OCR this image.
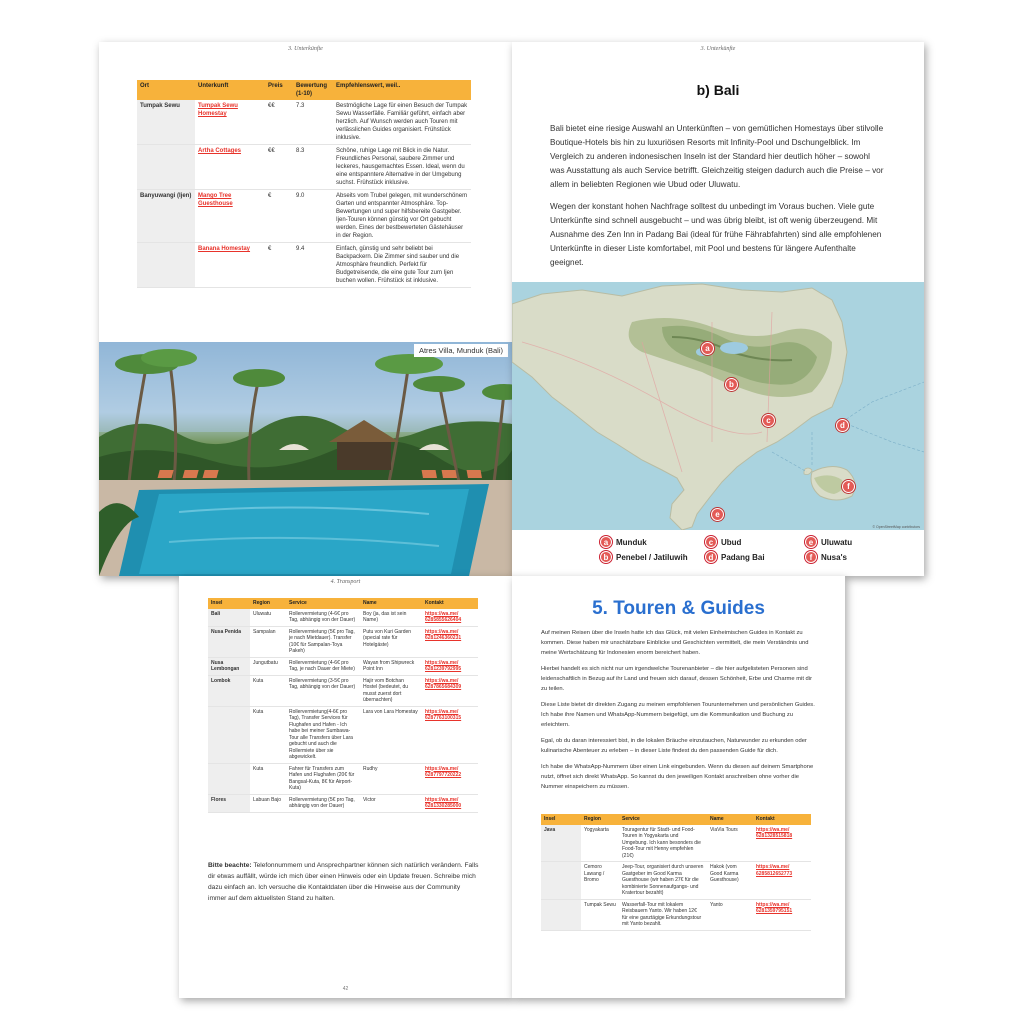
3. Unterkünfte
Ort	Unterkunft	Preis	Bewertung (1-10)	Empfehlenswert, weil..
Tumpak Sewu	Tumpak Sewu Homestay	€€	7.3	Bestmögliche Lage für einen Besuch der Tumpak Sewu Wasserfälle. Familiär geführt, einfach aber herzlich. Auf Wunsch werden auch Touren mit verlässlichen Guides organisiert. Frühstück inklusive.
	Artha Cottages	€€	8.3	Schöne, ruhige Lage mit Blick in die Natur. Freundliches Personal, saubere Zimmer und leckeres, hausgemachtes Essen. Ideal, wenn du eine entspanntere Alternative in der Umgebung suchst. Frühstück inklusive.
Banyuwangi (Ijen)	Mango Tree Guesthouse	€	9.0	Abseits vom Trubel gelegen, mit wunderschönem Garten und entspannter Atmosphäre. Top-Bewertungen und super hilfsbereite Gastgeber. Ijen-Touren können günstig vor Ort gebucht werden. Eines der bestbewerteten Gästehäuser in der Region.
	Banana Homestay	€	9.4	Einfach, günstig und sehr beliebt bei Backpackern. Die Zimmer sind sauber und die Atmosphäre freundlich. Perfekt für Budgetreisende, die eine gute Tour zum Ijen buchen wollen. Frühstück ist inklusive.
Atres Villa, Munduk (Bali)
3. Unterkünfte
b) Bali

Bali bietet eine riesige Auswahl an Unterkünften – von gemütlichen Homestays über stilvolle Boutique-Hotels bis hin zu luxuriösen Resorts mit Infinity-Pool und Dschungelblick. Im Vergleich zu anderen indonesischen Inseln ist der Standard hier deutlich höher – sowohl was Ausstattung als auch Service betrifft. Gleichzeitig steigen dadurch auch die Preise – vor allem in beliebten Regionen wie Ubud oder Uluwatu.

Wegen der konstant hohen Nachfrage solltest du unbedingt im Voraus buchen. Viele gute Unterkünfte sind schnell ausgebucht – und was übrig bleibt, ist oft wenig überzeugend. Mit Ausnahme des Zen Inn in Padang Bai (ideal für frühe Fährabfahrten) sind alle empfohlenen Unterkünfte in dieser Liste komfortabel, mit Pool und bestens für längere Aufenthalte geeignet.

a
b
c
d
e
f
© OpenStreetMap contributors
a Munduk
b Penebel / Jatiluwih
c Ubud
d Padang Bai
e Uluwatu
f	Nusa's
4. Transport
Insel	Region	Service	Name	Kontakt
Bali	Uluwatu	Rollervermietung (4-6€ pro Tag, abhängig von der Dauer)	Boy (ja, das ist sein Name)	https://wa.me/
6285855626404

Nusa Penida	Sampalan	Rollervermietung (5€ pro Tag, je nach Mietdauer). Transfer (10€ für Sampalan-Toya Pakeh)	Putu von Kuri Garden (special rate für Hotelgäste)	https://wa.me/
6281246360231

Nusa Lembongan	Jungutbatu	Rollervermietung (4-6€ pro Tag, je nach Dauer der Miete)	Wayan from Shipwreck Point Inn	https://wa.me/
6281239792995

Lombok	Kuta	Rollervermietung (3-5€ pro Tag, abhängig von der Dauer)	Hajir vom Botchan Hostel (bedeutet, du musst zuerst dort übernachten)	https://wa.me/
6287865684309

	Kuta	Rollervermietung(4-6€ pro Tag), Transfer Services für Flughafen und Hafen - Ich habe bei meiner Sumbawa-Tour alle Transfers über Lara gebucht und auch die Rollermiete über sie abgewickelt.	Lara von Lara Homestay	https://wa.me/
6287763100315

	Kuta	Fahrer für Transfers zum Hafen und Flughafen (20€ für Bangsal-Kuta, 8€ für Airport-Kuta)	Rudhy	https://wa.me/
6287797720222

Flores	Labuan Bajo	Rollervermietung (5€ pro Tag, abhängig von der Dauer)	Victor	https://wa.me/
6281330285000
Bitte beachte: Telefonnummern und Ansprechpartner können sich natürlich verändern. Falls dir etwas auffällt, würde ich mich über einen Hinweis oder ein Update freuen. Schreibe mich dazu einfach an. Ich versuche die Kontaktdaten über die Hinweise aus der Community immer auf dem aktuellsten Stand zu halten.
42
5. Touren & Guides

Auf meinen Reisen über die Inseln hatte ich das Glück, mit vielen Einheimischen Guides in Kontakt zu kommen. Diese haben mir unschätzbare Einblicke und Geschichten vermittelt, die mein Verständnis und meine Wertschätzung für Indonesien enorm bereichert haben.

Hierbei handelt es sich nicht nur um irgendwelche Tourenanbieter – die hier aufgelisteten Personen sind leidenschaftlich in Bezug auf ihr Land und freuen sich darauf, dessen Schönheit, Erbe und Charme mit dir zu teilen.

Diese Liste bietet dir direkten Zugang zu meinen empfohlenen Tourunternehmen und persönlichen Guides. Ich habe ihre Namen und WhatsApp-Nummern beigefügt, um die Kommunikation und Buchung zu erleichtern.

Egal, ob du daran interessiert bist, in die lokalen Bräuche einzutauchen, Naturwunder zu erkunden oder kulinarische Abenteuer zu erleben – in dieser Liste findest du den passenden Guide für dich.

Ich habe die WhatsApp-Nummern über einen Link eingebunden. Wenn du diesen auf deinem Smartphone nutzt, öffnet sich direkt WhatsApp. So kannst du den jeweiligen Kontakt anschreiben ohne vorher die Nummer einspeichern zu müssen.

Insel	Region	Service	Name	Kontakt
Java	Yogyakarta	Touragentur für Stadt- und Food-Touren in Yogyakarta und Umgebung. Ich kann besonders die Food-Tour mit Henny empfehlen (21€)	ViaVia Tours	https://wa.me/
6281328515818

	Cemoro Lawang / Bromo	Jeep-Tour, organisiert durch unseren Gastgeber im Good Karma Guesthouse (wir haben 27€ für die kombinierte Sonnenaufgangs- und Kratertour bezahlt)	Hakok (vom Good Karma Guesthouse)	https://wa.me/
6285812652773

	Tumpak Sewu	Wasserfall-Tour mit lokalem Reisbauern Yanto. Wir haben 12€ für eine ganztägige Erkundungstour mit Yanto bezahlt.	Yanto	https://wa.me/
6281359795151
